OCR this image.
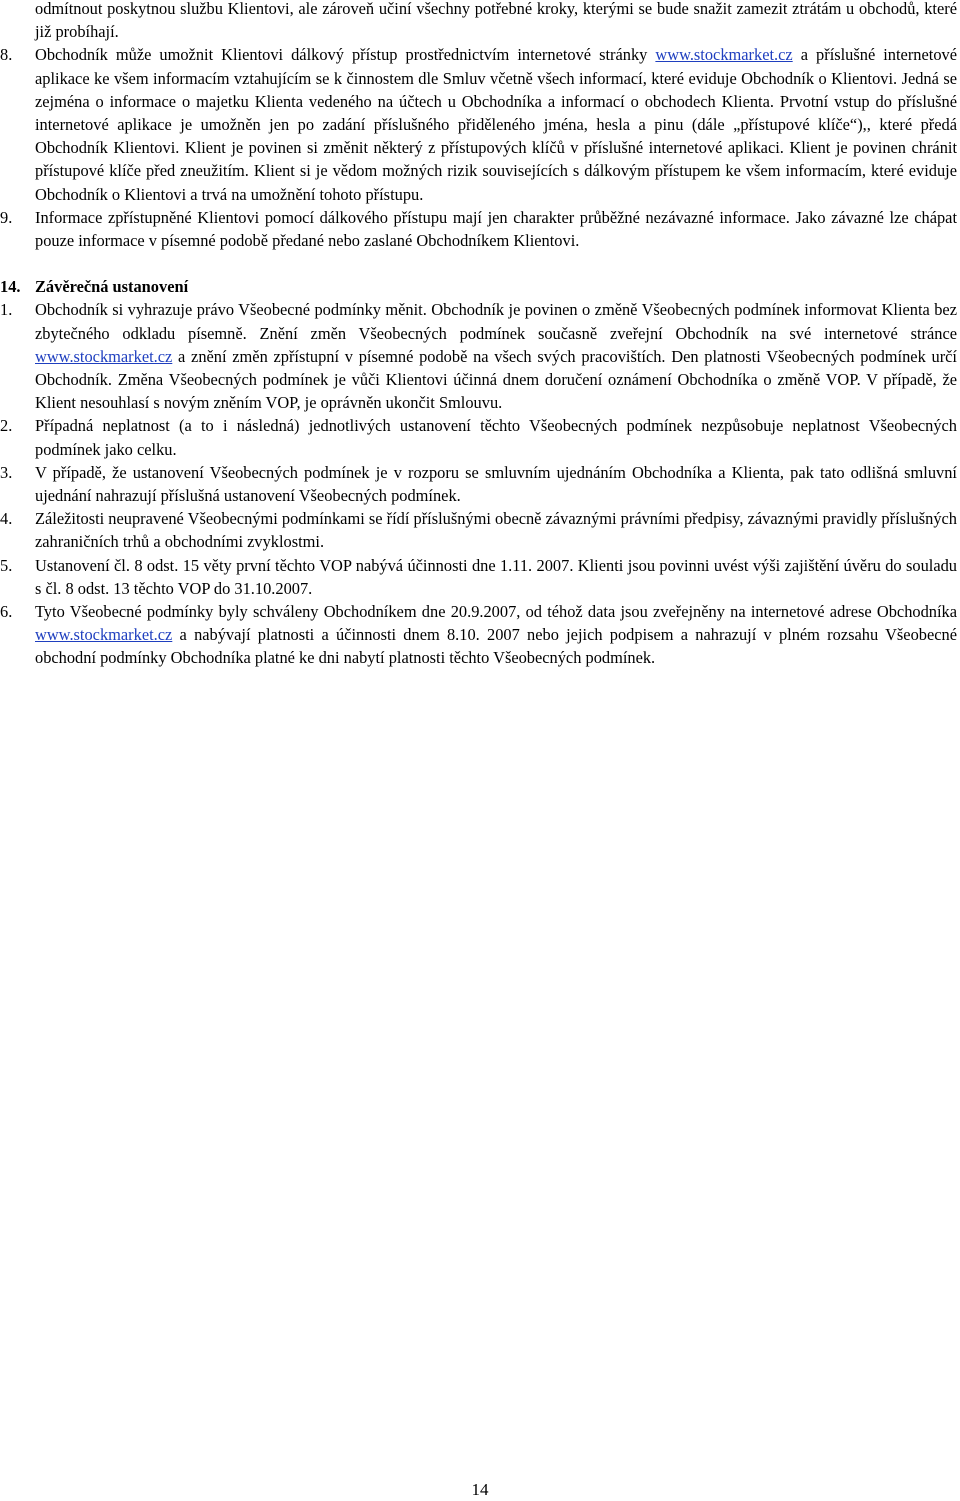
odmítnout poskytnou službu Klientovi, ale zároveň učiní všechny potřebné kroky, kterými se bude snažit zamezit ztrátám u obchodů, které již probíhají.

8.	Obchodník může umožnit Klientovi dálkový přístup prostřednictvím internetové stránky www.stockmarket.cz a příslušné internetové aplikace ke všem informacím vztahujícím se k činnostem dle Smluv včetně všech informací, které eviduje Obchodník o Klientovi. Jedná se zejména o informace o majetku Klienta vedeného na účtech u Obchodníka a informací o obchodech Klienta. Prvotní vstup do příslušné internetové aplikace je umožněn jen po zadání příslušného přiděleného jména, hesla a pinu (dále „přístupové klíče“),, které předá Obchodník Klientovi. Klient je povinen si změnit některý z přístupových klíčů v příslušné internetové aplikaci. Klient je povinen chránit přístupové klíče před zneužitím. Klient si je vědom možných rizik souvisejících s dálkovým přístupem ke všem informacím, které eviduje Obchodník o Klientovi a trvá na umožnění tohoto přístupu.

9.	Informace zpřístupněné Klientovi pomocí dálkového přístupu mají jen charakter průběžné nezávazné informace. Jako závazné lze chápat pouze informace v písemné podobě předané nebo zaslané Obchodníkem Klientovi.

14. Závěrečná ustanovení

1.	Obchodník si vyhrazuje právo Všeobecné podmínky měnit. Obchodník je povinen o změně Všeobecných podmínek informovat Klienta bez zbytečného odkladu písemně. Znění změn Všeobecných podmínek současně zveřejní Obchodník na své internetové stránce www.stockmarket.cz a znění změn zpřístupní v písemné podobě na všech svých pracovištích. Den platnosti Všeobecných podmínek určí Obchodník. Změna Všeobecných podmínek je vůči Klientovi účinná dnem doručení oznámení Obchodníka o změně VOP. V případě, že Klient nesouhlasí s novým zněním VOP, je oprávněn ukončit Smlouvu.

2.	Případná neplatnost (a to i následná) jednotlivých ustanovení těchto Všeobecných podmínek nezpůsobuje neplatnost Všeobecných podmínek jako celku.

3.	V případě, že ustanovení Všeobecných podmínek je v rozporu se smluvním ujednáním Obchodníka a Klienta, pak tato odlišná smluvní ujednání nahrazují příslušná ustanovení Všeobecných podmínek.

4.	Záležitosti neupravené Všeobecnými podmínkami se řídí příslušnými obecně závaznými právními předpisy, závaznými pravidly příslušných zahraničních trhů a obchodními zvyklostmi.

5.	Ustanovení čl. 8 odst. 15 věty první těchto VOP nabývá účinnosti dne 1.11. 2007. Klienti jsou povinni uvést výši zajištění úvěru do souladu s čl. 8 odst. 13 těchto VOP do 31.10.2007.

6.	Tyto Všeobecné podmínky byly schváleny Obchodníkem dne 20.9.2007, od téhož data jsou zveřejněny na internetové adrese Obchodníka www.stockmarket.cz a nabývají platnosti a účinnosti dnem 8.10. 2007 nebo jejich podpisem a nahrazují v plném rozsahu Všeobecné obchodní podmínky Obchodníka platné ke dni nabytí platnosti těchto Všeobecných podmínek.

14
